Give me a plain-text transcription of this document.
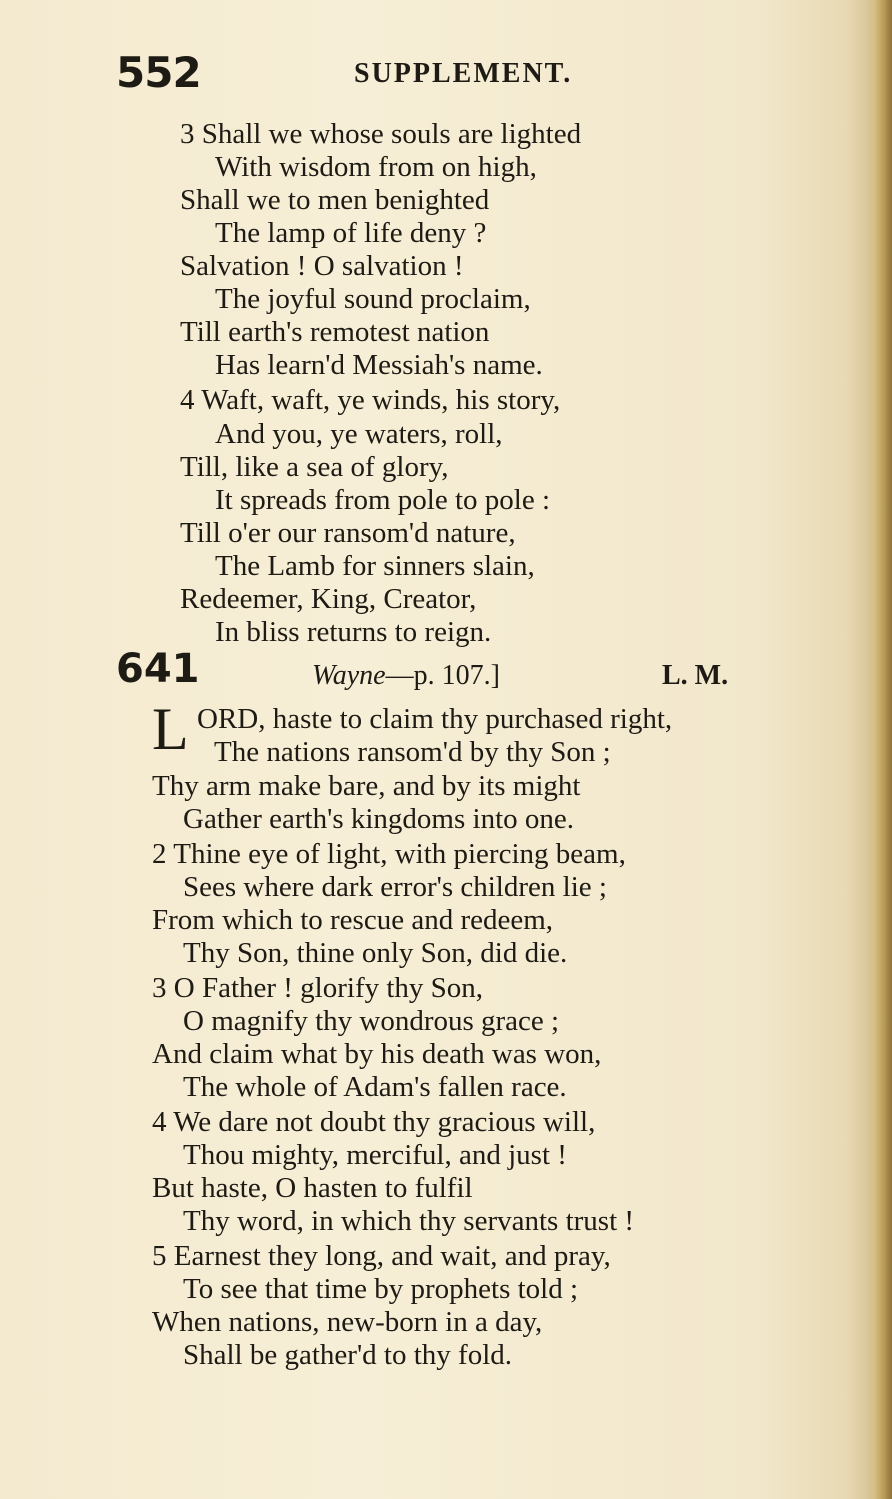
552	SUPPLEMENT.
3 Shall we whose souls are lighted
With wisdom from on high,
Shall we to men benighted
The lamp of life deny ?
Salvation ! O salvation !
The joyful sound proclaim,
Till earth's remotest nation
Has learn'd Messiah's name.
4 Waft, waft, ye winds, his story,
And you, ye waters, roll,
Till, like a sea of glory,
It spreads from pole to pole :
Till o'er our ransom'd nature,
The Lamb for sinners slain,
Redeemer, King, Creator,
In bliss returns to reign.
641	Wayne—p. 107.]	L. M.
L ORD, haste to claim thy purchased right,
The nations ransom'd by thy Son ;
Thy arm make bare, and by its might
Gather earth's kingdoms into one.
2 Thine eye of light, with piercing beam,
Sees where dark error's children lie ;
From which to rescue and redeem,
Thy Son, thine only Son, did die.
3 O Father ! glorify thy Son,
O magnify thy wondrous grace ;
And claim what by his death was won,
The whole of Adam's fallen race.
4 We dare not doubt thy gracious will,
Thou mighty, merciful, and just !
But haste, O hasten to fulfil
Thy word, in which thy servants trust !
5 Earnest they long, and wait, and pray,
To see that time by prophets told ;
When nations, new-born in a day,
Shall be gather'd to thy fold.
